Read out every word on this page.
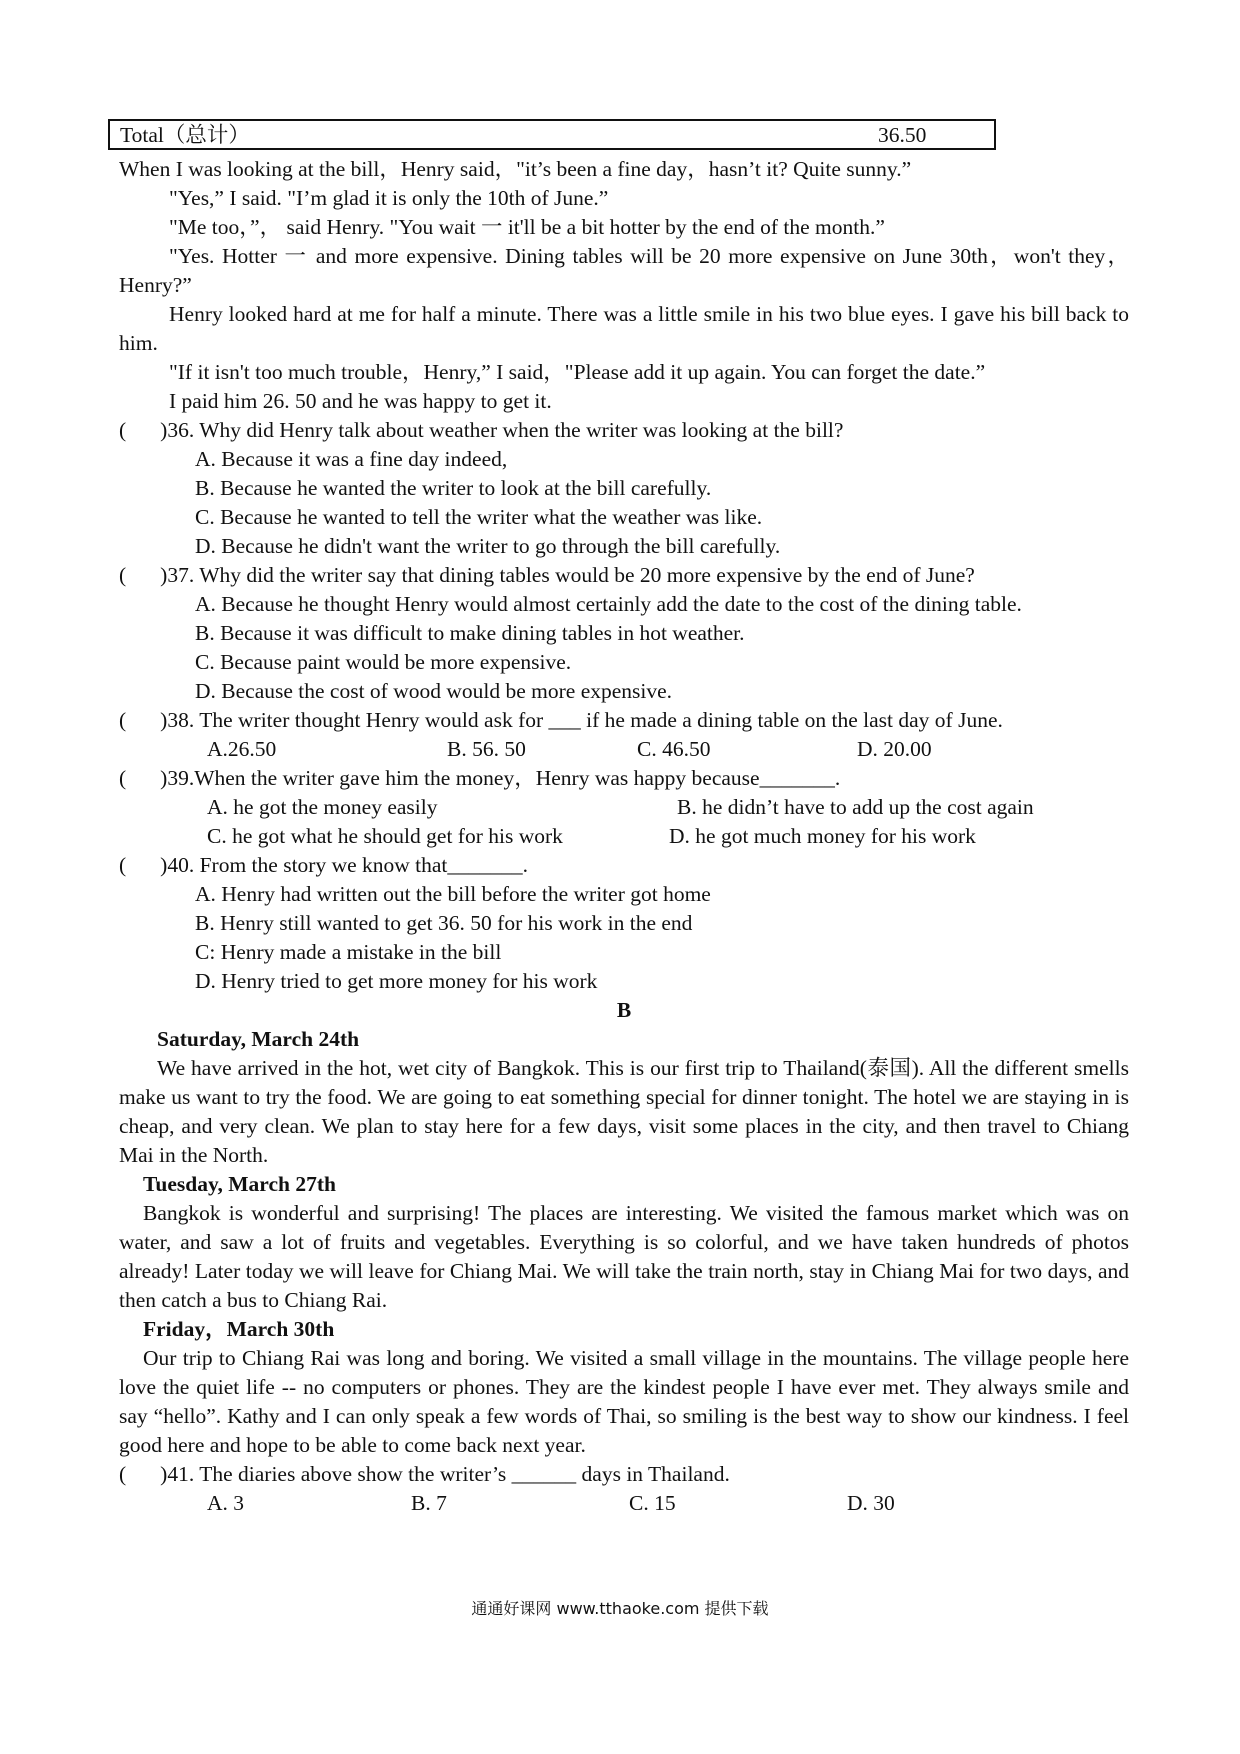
Total（总计）	36.50

When I was looking at the bill，Henry said，"it’s been a fine day，hasn’t it? Quite sunny.”

"Yes,” I said. "I’m glad it is only the 10th of June.”

"Me too，”， said Henry. "You wait 一 it'll be a bit hotter by the end of the month.”

"Yes. Hotter 一 and more expensive. Dining tables will be 20 more expensive on June 30th，won't they，Henry?”

Henry looked hard at me for half a minute. There was a little smile in his two blue eyes. I gave his bill back to him.

"If it isn't too much trouble，Henry,” I said，"Please add it up again. You can forget the date.”

I paid him 26. 50 and he was happy to get it.

( )36. Why did Henry talk about weather when the writer was looking at the bill?

A. Because it was a fine day indeed,

B. Because he wanted the writer to look at the bill carefully.

C. Because he wanted to tell the writer what the weather was like.

D. Because he didn't want the writer to go through the bill carefully.

( )37. Why did the writer say that dining tables would be 20 more expensive by the end of June?

A. Because he thought Henry would almost certainly add the date to the cost of the dining table.

B. Because it was difficult to make dining tables in hot weather.

C. Because paint would be more expensive.

D. Because the cost of wood would be more expensive.

( )38. The writer thought Henry would ask for ___ if he made a dining table on the last day of June.

A.26.50	B. 56. 50	C. 46.50	D. 20.00

( )39.When the writer gave him the money，Henry was happy because_______.

A. he got the money easily	B. he didn’t have to add up the cost again
C. he got what he should get for his work	D. he got much money for his work

( )40. From the story we know that_______.

A. Henry had written out the bill before the writer got home

B. Henry still wanted to get 36. 50 for his work in the end

C: Henry made a mistake in the bill

D. Henry tried to get more money for his work

B

Saturday, March 24th

We have arrived in the hot, wet city of Bangkok. This is our first trip to Thailand(泰国). All the different smells make us want to try the food. We are going to eat something special for dinner tonight. The hotel we are staying in is cheap, and very clean. We plan to stay here for a few days, visit some places in the city, and then travel to Chiang Mai in the North.

Tuesday, March 27th

Bangkok is wonderful and surprising! The places are interesting. We visited the famous market which was on water, and saw a lot of fruits and vegetables. Everything is so colorful, and we have taken hundreds of photos already! Later today we will leave for Chiang Mai. We will take the train north, stay in Chiang Mai for two days, and then catch a bus to Chiang Rai.

Friday，March 30th

Our trip to Chiang Rai was long and boring. We visited a small village in the mountains. The village people here love the quiet life -- no computers or phones. They are the kindest people I have ever met. They always smile and say “hello”. Kathy and I can only speak a few words of Thai, so smiling is the best way to show our kindness. I feel good here and hope to be able to come back next year.

( )41. The diaries above show the writer’s ______ days in Thailand.

A. 3	B. 7	C. 15	D. 30
通通好课网 www.tthaoke.com 提供下载
